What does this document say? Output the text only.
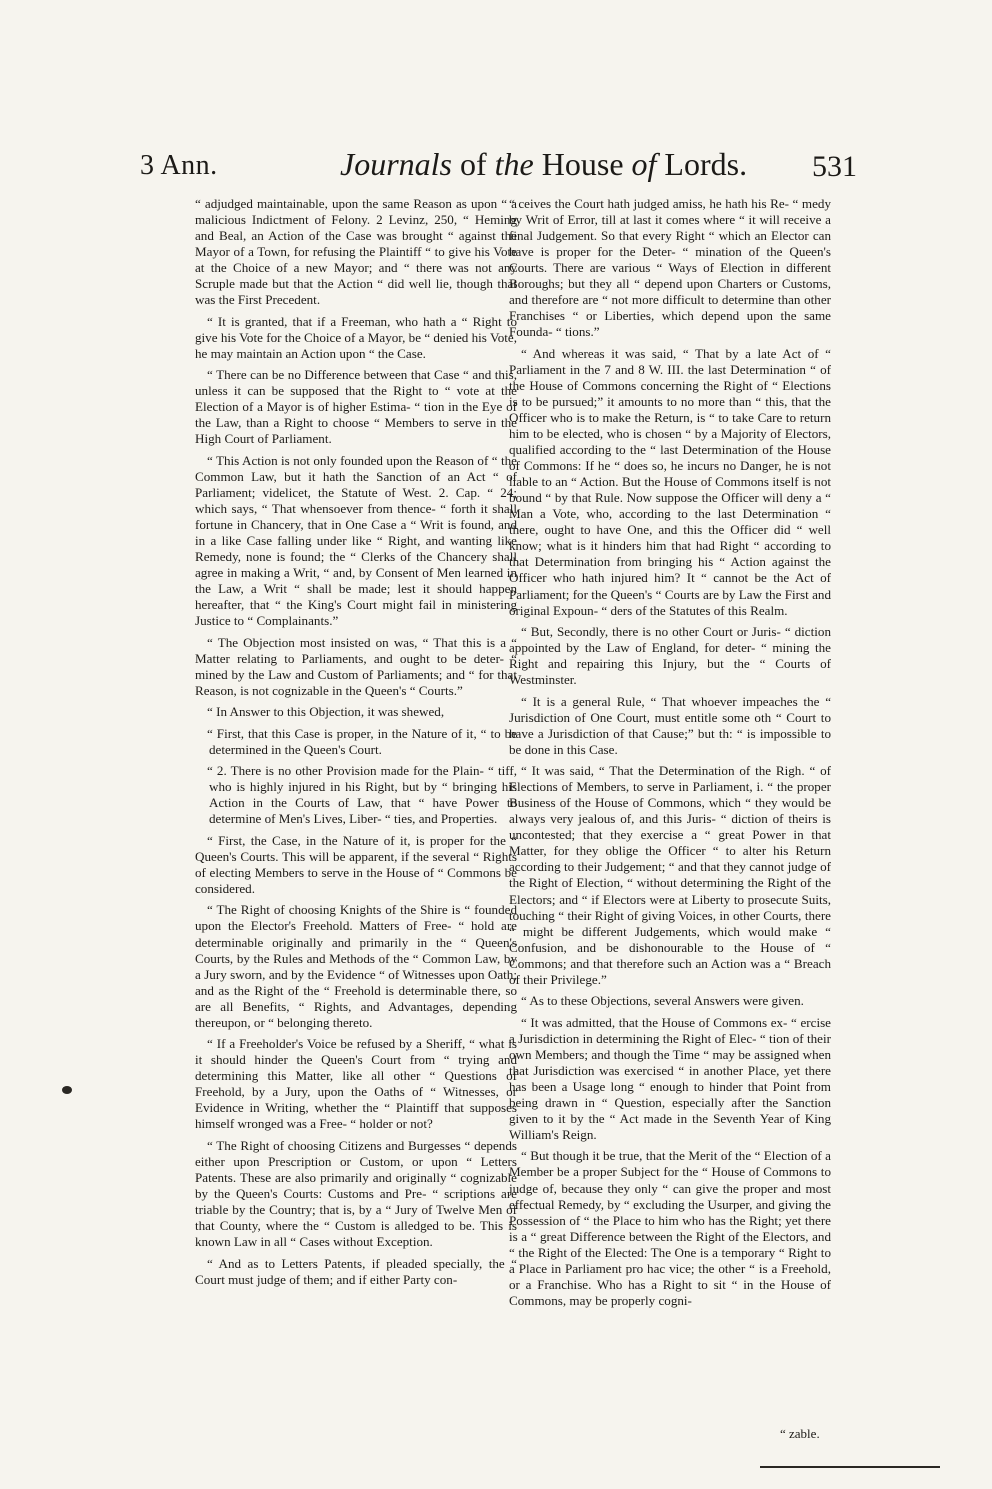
3 Ann.	Journals of the House of Lords. 531

“ adjudged maintainable, upon the same Reason as upon “ a malicious Indictment of Felony. 2 Levinz, 250, “ Heming and Beal, an Action of the Case was brought “ against the Mayor of a Town, for refusing the Plaintiff “ to give his Vote at the Choice of a new Mayor; and “ there was not any Scruple made but that the Action “ did well lie, though that was the First Precedent.

“ It is granted, that if a Freeman, who hath a “ Right to give his Vote for the Choice of a Mayor, be “ denied his Vote, he may maintain an Action upon “ the Case.

“ There can be no Difference between that Case “ and this, unless it can be supposed that the Right to “ vote at the Election of a Mayor is of higher Estima- “ tion in the Eye of the Law, than a Right to choose “ Members to serve in the High Court of Parliament.

“ This Action is not only founded upon the Reason of “ the Common Law, but it hath the Sanction of an Act “ of Parliament; videlicet, the Statute of West. 2. Cap. “ 24; which says, “ That whensoever from thence- “ forth it shall fortune in Chancery, that in One Case a “ Writ is found, and in a like Case falling under like “ Right, and wanting like Remedy, none is found; the “ Clerks of the Chancery shall agree in making a Writ, “ and, by Consent of Men learned in the Law, a Writ “ shall be made; lest it should happen hereafter, that “ the King's Court might fail in ministering Justice to “ Complainants.”

“ The Objection most insisted on was, “ That this is a “ Matter relating to Parliaments, and ought to be deter- “ mined by the Law and Custom of Parliaments; and “ for that Reason, is not cognizable in the Queen's “ Courts.”

“ In Answer to this Objection, it was shewed,

“ First, that this Case is proper, in the Nature of it, “ to be determined in the Queen's Court.

“ 2. There is no other Provision made for the Plain- “ tiff, who is highly injured in his Right, but by “ bringing his Action in the Courts of Law, that “ have Power to determine of Men's Lives, Liber- “ ties, and Properties.

“ First, the Case, in the Nature of it, is proper for the “ Queen's Courts. This will be apparent, if the several “ Rights of electing Members to serve in the House of “ Commons be considered.

“ The Right of choosing Knights of the Shire is “ founded upon the Elector's Freehold. Matters of Free- “ hold are determinable originally and primarily in the “ Queen's Courts, by the Rules and Methods of the “ Common Law, by a Jury sworn, and by the Evidence “ of Witnesses upon Oath; and as the Right of the “ Freehold is determinable there, so are all Benefits, “ Rights, and Advantages, depending thereupon, or “ belonging thereto.

“ If a Freeholder's Voice be refused by a Sheriff, “ what is it should hinder the Queen's Court from “ trying and determining this Matter, like all other “ Questions of Freehold, by a Jury, upon the Oaths of “ Witnesses, or Evidence in Writing, whether the “ Plaintiff that supposes himself wronged was a Free- “ holder or not?

“ The Right of choosing Citizens and Burgesses “ depends either upon Prescription or Custom, or upon “ Letters Patents. These are also primarily and originally “ cognizable by the Queen's Courts: Customs and Pre- “ scriptions are triable by the Country; that is, by a “ Jury of Twelve Men of that County, where the “ Custom is alledged to be. This is known Law in all “ Cases without Exception.

“ And as to Letters Patents, if pleaded specially, the “ Court must judge of them; and if either Party con-

“ ceives the Court hath judged amiss, he hath his Re- “ medy by Writ of Error, till at last it comes where “ it will receive a final Judgement. So that every Right “ which an Elector can have is proper for the Deter- “ mination of the Queen's Courts. There are various “ Ways of Election in different Boroughs; but they all “ depend upon Charters or Customs, and therefore are “ not more difficult to determine than other Franchises “ or Liberties, which depend upon the same Founda- “ tions.”

“ And whereas it was said, “ That by a late Act of “ Parliament in the 7 and 8 W. III. the last Determination “ of the House of Commons concerning the Right of “ Elections is to be pursued;” it amounts to no more than “ this, that the Officer who is to make the Return, is “ to take Care to return him to be elected, who is chosen “ by a Majority of Electors, qualified according to the “ last Determination of the House of Commons: If he “ does so, he incurs no Danger, he is not liable to an “ Action. But the House of Commons itself is not bound “ by that Rule. Now suppose the Officer will deny a “ Man a Vote, who, according to the last Determination “ there, ought to have One, and this the Officer did “ well know; what is it hinders him that had Right “ according to that Determination from bringing his “ Action against the Officer who hath injured him? It “ cannot be the Act of Parliament; for the Queen's “ Courts are by Law the First and original Expoun- “ ders of the Statutes of this Realm.

“ But, Secondly, there is no other Court or Juris- “ diction appointed by the Law of England, for deter- “ mining the Right and repairing this Injury, but the “ Courts of Westminster.

“ It is a general Rule, “ That whoever impeaches the “ Jurisdiction of One Court, must entitle some oth “ Court to have a Jurisdiction of that Cause;” but th: “ is impossible to be done in this Case.

“ It was said, “ That the Determination of the Righ. “ of Elections of Members, to serve in Parliament, i. “ the proper Business of the House of Commons, which “ they would be always very jealous of, and this Juris- “ diction of theirs is uncontested; that they exercise a “ great Power in that Matter, for they oblige the Officer “ to alter his Return according to their Judgement; “ and that they cannot judge of the Right of Election, “ without determining the Right of the Electors; and “ if Electors were at Liberty to prosecute Suits, touching “ their Right of giving Voices, in other Courts, there “ might be different Judgements, which would make “ Confusion, and be dishonourable to the House of “ Commons; and that therefore such an Action was a “ Breach of their Privilege.”

“ As to these Objections, several Answers were given.

“ It was admitted, that the House of Commons ex- “ ercise a Jurisdiction in determining the Right of Elec- “ tion of their own Members; and though the Time “ may be assigned when that Jurisdiction was exercised “ in another Place, yet there has been a Usage long “ enough to hinder that Point from being drawn in “ Question, especially after the Sanction given to it by the “ Act made in the Seventh Year of King William's Reign.

“ But though it be true, that the Merit of the “ Election of a Member be a proper Subject for the “ House of Commons to judge of, because they only “ can give the proper and most effectual Remedy, by “ excluding the Usurper, and giving the Possession of “ the Place to him who has the Right; yet there is a “ great Difference between the Right of the Electors, and “ the Right of the Elected: The One is a temporary “ Right to a Place in Parliament pro hac vice; the other “ is a Freehold, or a Franchise. Who has a Right to sit “ in the House of Commons, may be properly cogni-

“ zable.
